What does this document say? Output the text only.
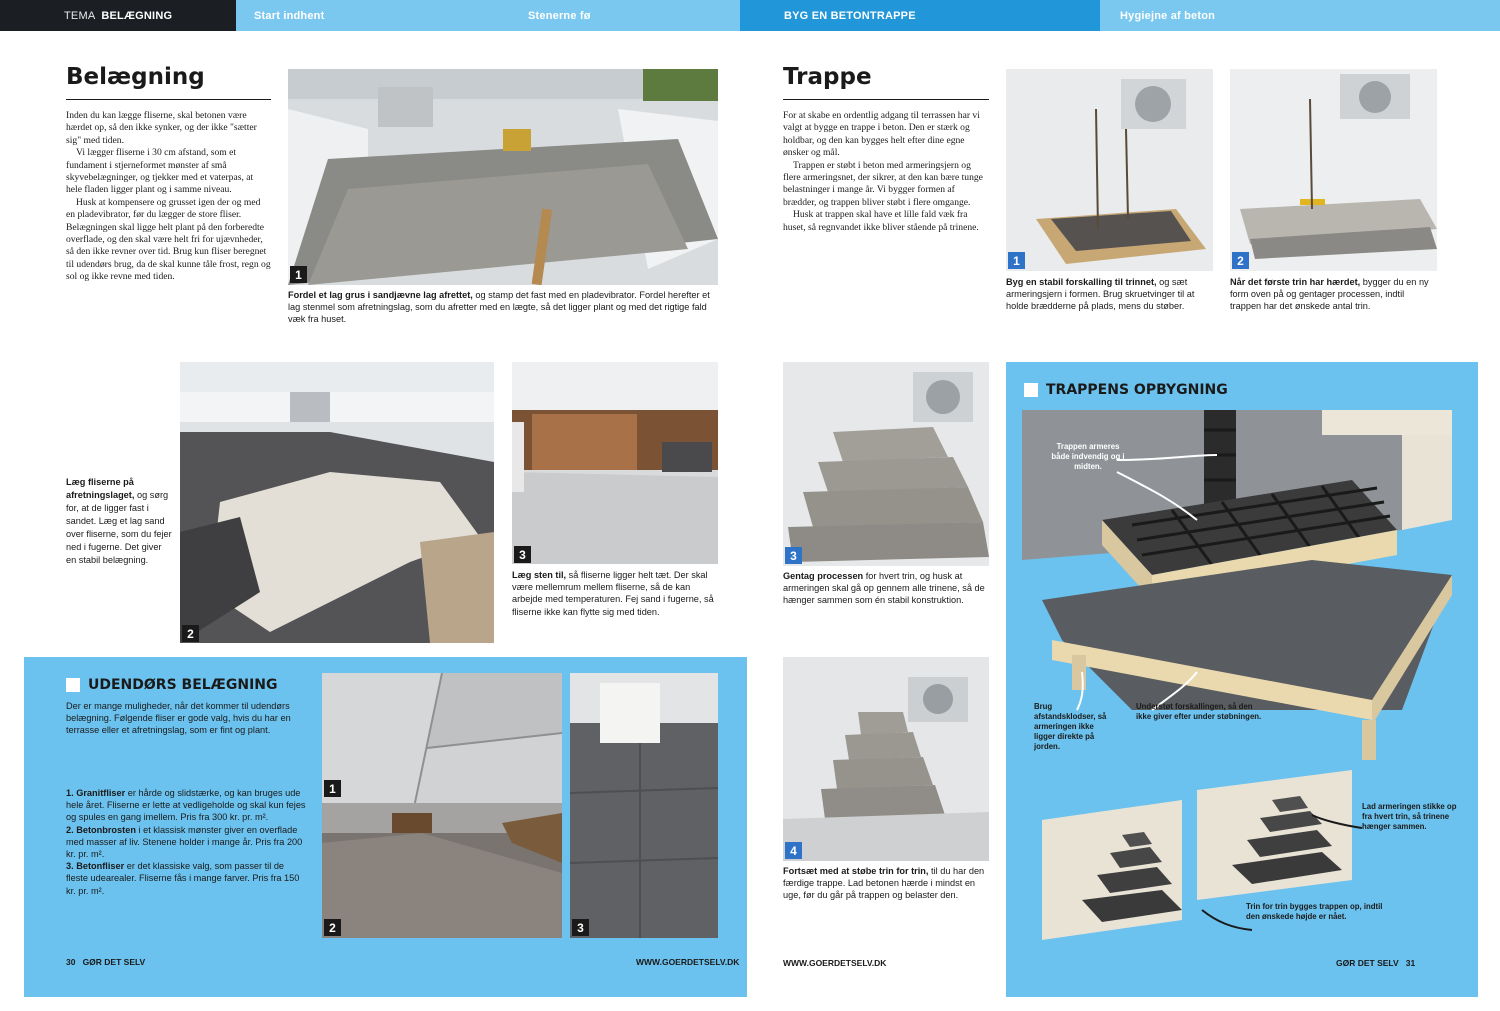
TEMA BELÆGNING	Start indhent	Stenerne fø	BYG EN BETONTRAPPE	Hygiejne af beton
Belægning

Inden du kan lægge fliserne, skal betonen være hærdet op, så den ikke synker, og der ikke "sætter sig" med tiden.

Vi lægger fliserne i 30 cm afstand, som et fundament i stjerneformet mønster af små skyvebelægninger, og tjekker med et vaterpas, at hele fladen ligger plant og i samme niveau.

Husk at kompensere og grusset igen der og med en pladevibrator, før du lægger de store fliser. Belægningen skal ligge helt plant på den forberedte overflade, og den skal være helt fri for ujævnheder, så den ikke revner over tid. Brug kun fliser beregnet til udendørs brug, da de skal kunne tåle frost, regn og sol og ikke revne med tiden.	1
Fordel et lag grus i sandjævne lag afrettet, og stamp det fast med en pladevibrator. Fordel herefter et lag stenmel som afretningslag, som du afretter med en lægte, så det ligger plant og med det rigtige fald væk fra huset.
2
Læg fliserne på afretningslaget, og sørg for, at de ligger fast i sandet. Læg et lag sand over fliserne, som du fejer ned i fugerne. Det giver en stabil belægning.	3
Læg sten til, så fliserne ligger helt tæt. Der skal være mellemrum mellem fliserne, så de kan arbejde med temperaturen. Fej sand i fugerne, så fliserne ikke kan flytte sig med tiden.
UDENDØRS BELÆGNING
Der er mange muligheder, når det kommer til udendørs belægning. Følgende fliser er gode valg, hvis du har en terrasse eller et afretningslag, som er fint og plant.

1. Granitfliser er hårde og slidstærke, og kan bruges ude hele året. Fliserne er lette at vedligeholde og skal kun fejes og spules en gang imellem. Pris fra 300 kr. pr. m².

2. Betonbrosten i et klassisk mønster giver en overflade med masser af liv. Stenene holder i mange år. Pris fra 200 kr. pr. m².

3. Betonfliser er det klassiske valg, som passer til de fleste udearealer. Fliserne fås i mange farver. Pris fra 150 kr. pr. m².

1
2	3
30 GØR DET SELV	WWW.GOERDETSELV.DK
Trappe

For at skabe en ordentlig adgang til terrassen har vi valgt at bygge en trappe i beton. Den er stærk og holdbar, og den kan bygges helt efter dine egne ønsker og mål.

Trappen er støbt i beton med armeringsjern og flere armeringsnet, der sikrer, at den kan bære tunge belastninger i mange år. Vi bygger formen af brædder, og trappen bliver støbt i flere omgange.

Husk at trappen skal have et lille fald væk fra huset, så regnvandet ikke bliver stående på trinene.

1
Byg en stabil forskalling til trinnet, og sæt armeringsjern i formen. Brug skruetvinger til at holde brædderne på plads, mens du støber.
2
Når det første trin har hærdet, bygger du en ny form oven på og gentager processen, indtil trappen har det ønskede antal trin.
3
Gentag processen for hvert trin, og husk at armeringen skal gå op gennem alle trinene, så de hænger sammen som én stabil konstruktion.
4
Fortsæt med at støbe trin for trin, til du har den færdige trappe. Lad betonen hærde i mindst en uge, før du går på trappen og belaster den.
WWW.GOERDETSELV.DK
TRAPPENS OPBYGNING
Trappen armeres både indvendig og i midten.
Brug afstandsklodser, så armeringen ikke ligger direkte på jorden.
Understøt forskallingen, så den ikke giver efter under støbningen.
Lad armeringen stikke op fra hvert trin, så trinene hænger sammen.
Trin for trin bygges trappen op, indtil den ønskede højde er nået.
GØR DET SELV 31
